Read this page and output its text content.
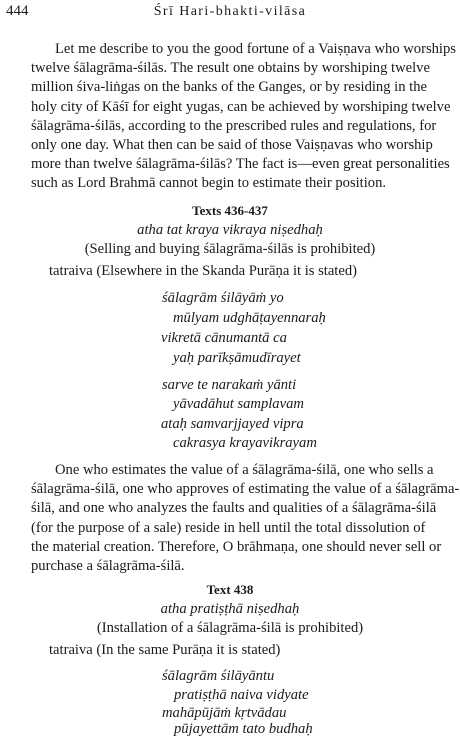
444	Śrī Hari-bhakti-vilāsa

Let me describe to you the good fortune of a Vaiṣṇava who worships
twelve śālagrāma-śilās. The result one obtains by worshiping twelve
million śiva-liṅgas on the banks of the Ganges, or by residing in the
holy city of Kāśī for eight yugas, can be achieved by worshiping twelve
śālagrāma-śilās, according to the prescribed rules and regulations, for
only one day. What then can be said of those Vaiṣṇavas who worship
more than twelve śālagrāma-śilās? The fact is—even great personalities
such as Lord Brahmā cannot begin to estimate their position.

Texts 436-437
atha tat kraya vikraya niṣedhaḥ
(Selling and buying śālagrāma-śilās is prohibited)
tatraiva (Elsewhere in the Skanda Purāṇa it is stated)
śālagrām śilāyāṁ yo
mūlyam udghāṭayennaraḥ
vikretā cānumantā ca
yaḥ parīkṣāmudīrayet
sarve te narakaṁ yānti
yāvadāhut samplavam
ataḥ samvarjjayed vipra
cakrasya krayavikrayam

One who estimates the value of a śālagrāma-śilā, one who sells a
śālagrāma-śilā, one who approves of estimating the value of a śālagrāma-
śilā, and one who analyzes the faults and qualities of a śālagrāma-śilā
(for the purpose of a sale) reside in hell until the total dissolution of
the material creation. Therefore, O brāhmaṇa, one should never sell or
purchase a śālagrāma-śilā.

Text 438
atha pratiṣṭhā niṣedhaḥ
(Installation of a śālagrāma-śilā is prohibited)
tatraiva (In the same Purāṇa it is stated)
śālagrām śilāyāntu
pratiṣṭhā naiva vidyate
mahāpūjāṁ kṛtvādau
pūjayettām tato budhaḥ
